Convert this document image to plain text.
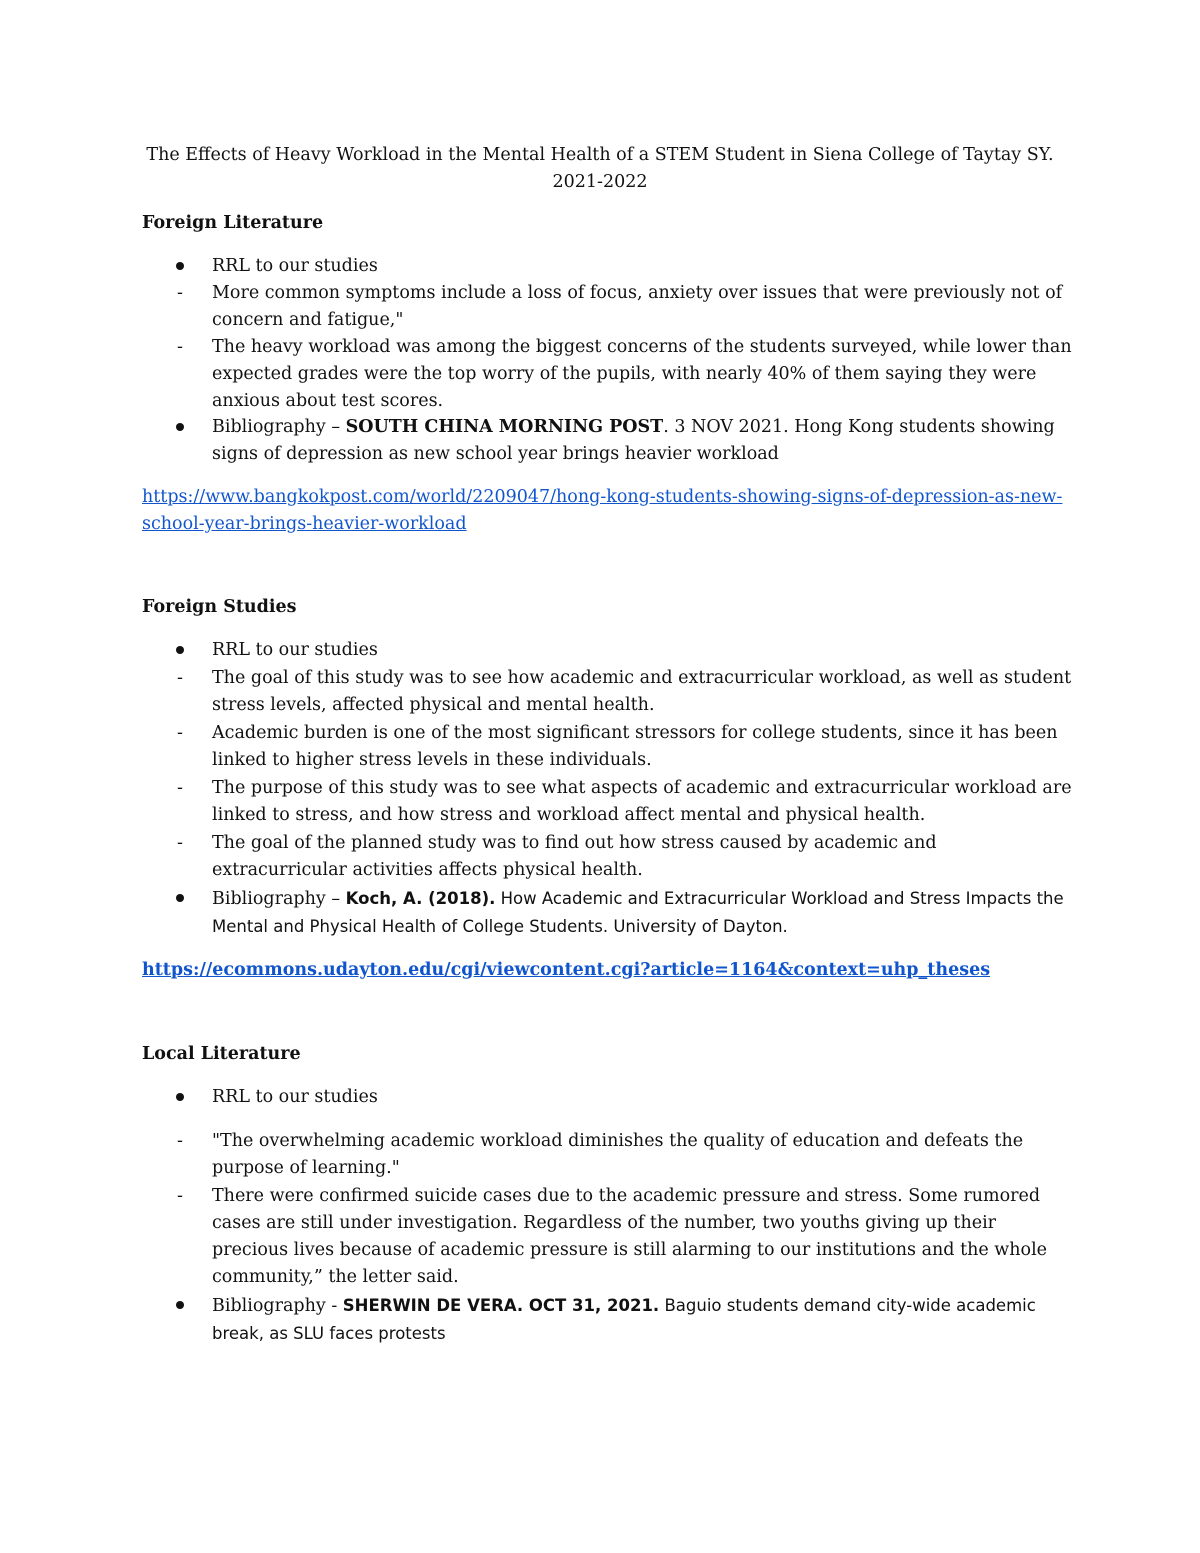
The Effects of Heavy Workload in the Mental Health of a STEM Student in Siena College of Taytay SY.
2021-2022
Foreign Literature
RRL to our studies
- More common symptoms include a loss of focus, anxiety over issues that were previously not of concern and fatigue,"
- The heavy workload was among the biggest concerns of the students surveyed, while lower than expected grades were the top worry of the pupils, with nearly 40% of them saying they were anxious about test scores.
Bibliography – SOUTH CHINA MORNING POST. 3 NOV 2021. Hong Kong students showing signs of depression as new school year brings heavier workload
https://www.bangkokpost.com/world/2209047/hong-kong-students-showing-signs-of-depression-as-new-school-year-brings-heavier-workload
Foreign Studies
RRL to our studies
- The goal of this study was to see how academic and extracurricular workload, as well as student stress levels, affected physical and mental health.
- Academic burden is one of the most significant stressors for college students, since it has been linked to higher stress levels in these individuals.
- The purpose of this study was to see what aspects of academic and extracurricular workload are linked to stress, and how stress and workload affect mental and physical health.
- The goal of the planned study was to find out how stress caused by academic and extracurricular activities affects physical health.
Bibliography – Koch, A. (2018). How Academic and Extracurricular Workload and Stress Impacts the Mental and Physical Health of College Students. University of Dayton.
https://ecommons.udayton.edu/cgi/viewcontent.cgi?article=1164&context=uhp_theses
Local Literature
RRL to our studies
- "The overwhelming academic workload diminishes the quality of education and defeats the purpose of learning."
- There were confirmed suicide cases due to the academic pressure and stress. Some rumored cases are still under investigation. Regardless of the number, two youths giving up their precious lives because of academic pressure is still alarming to our institutions and the whole community,” the letter said.
Bibliography - SHERWIN DE VERA. OCT 31, 2021. Baguio students demand city-wide academic break, as SLU faces protests
